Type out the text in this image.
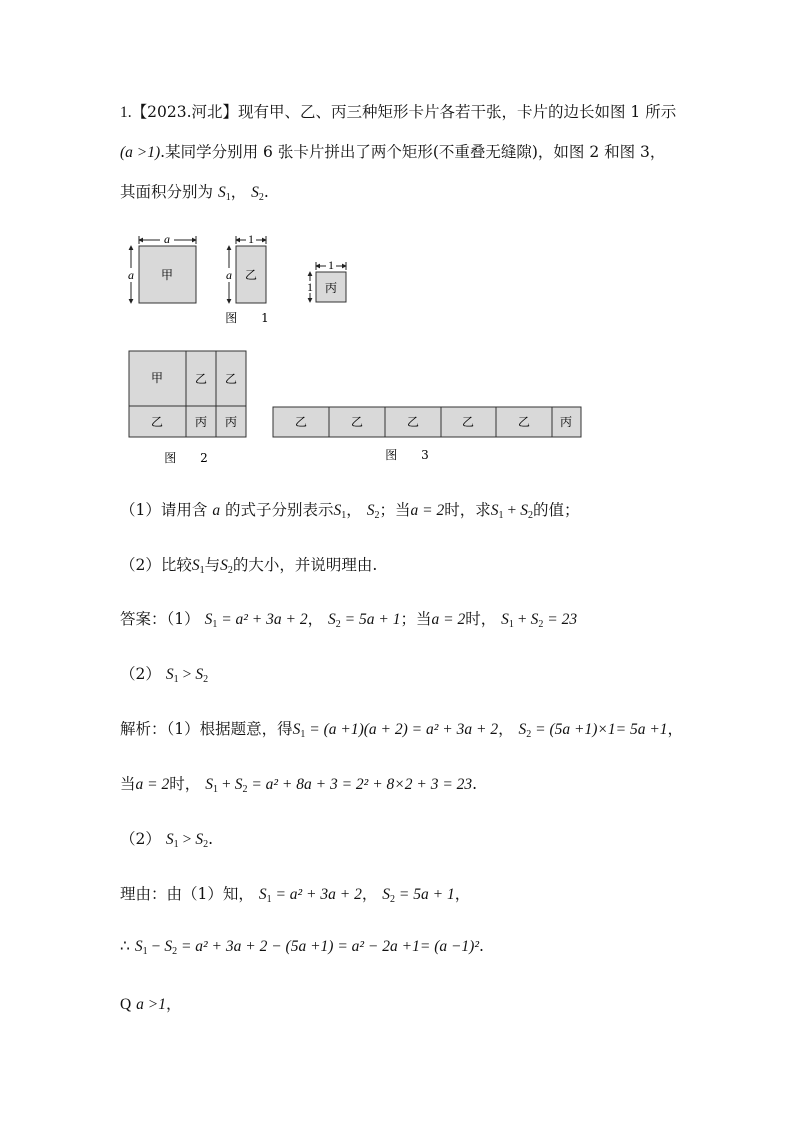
1.【2023.河北】现有甲、乙、丙三种矩形卡片各若干张，卡片的边长如图 1 所示
(a >1).某同学分别用 6 张卡片拼出了两个矩形(不重叠无缝隙)，如图 2 和图 3，
其面积分别为 $S_1$， $S_2$.
甲
a
a	乙
1
a
丙
1
1
图 1
甲	乙 乙
乙	丙 丙
图 2
乙	乙	乙	乙	乙 丙
图 3
（1）请用含 a 的式子分别表示$S_1$， $S_2$；当a = 2时，求$S_1 + S_2$的值；
（2）比较$S_1$与$S_2$的大小，并说明理由.
答案：（1） $S_1 = a^2 + 3a + 2$， $S_2 = 5a + 1$；当a = 2时， $S_1 + S_2 = 23$
（2） $S_1 > S_2$
解析：（1）根据题意，得$S_1 = (a +1)(a + 2) = a^2 + 3a + 2$， $S_2 = (5a +1)\times 1= 5a +1$，
当a = 2时， $S_1 + S_2 = a^2 + 8a + 3 = 2^2 + 8\times 2 + 3 = 23$.
（2） $S_1 > S_2$.
理由：由（1）知， $S_1 = a^2 + 3a + 2$， $S_2 = 5a + 1$，
∴ $S_1 - S_2 = a^2 + 3a + 2 - (5a +1) = a^2 - 2a +1= (a -1)^2$.
Q a >1，
